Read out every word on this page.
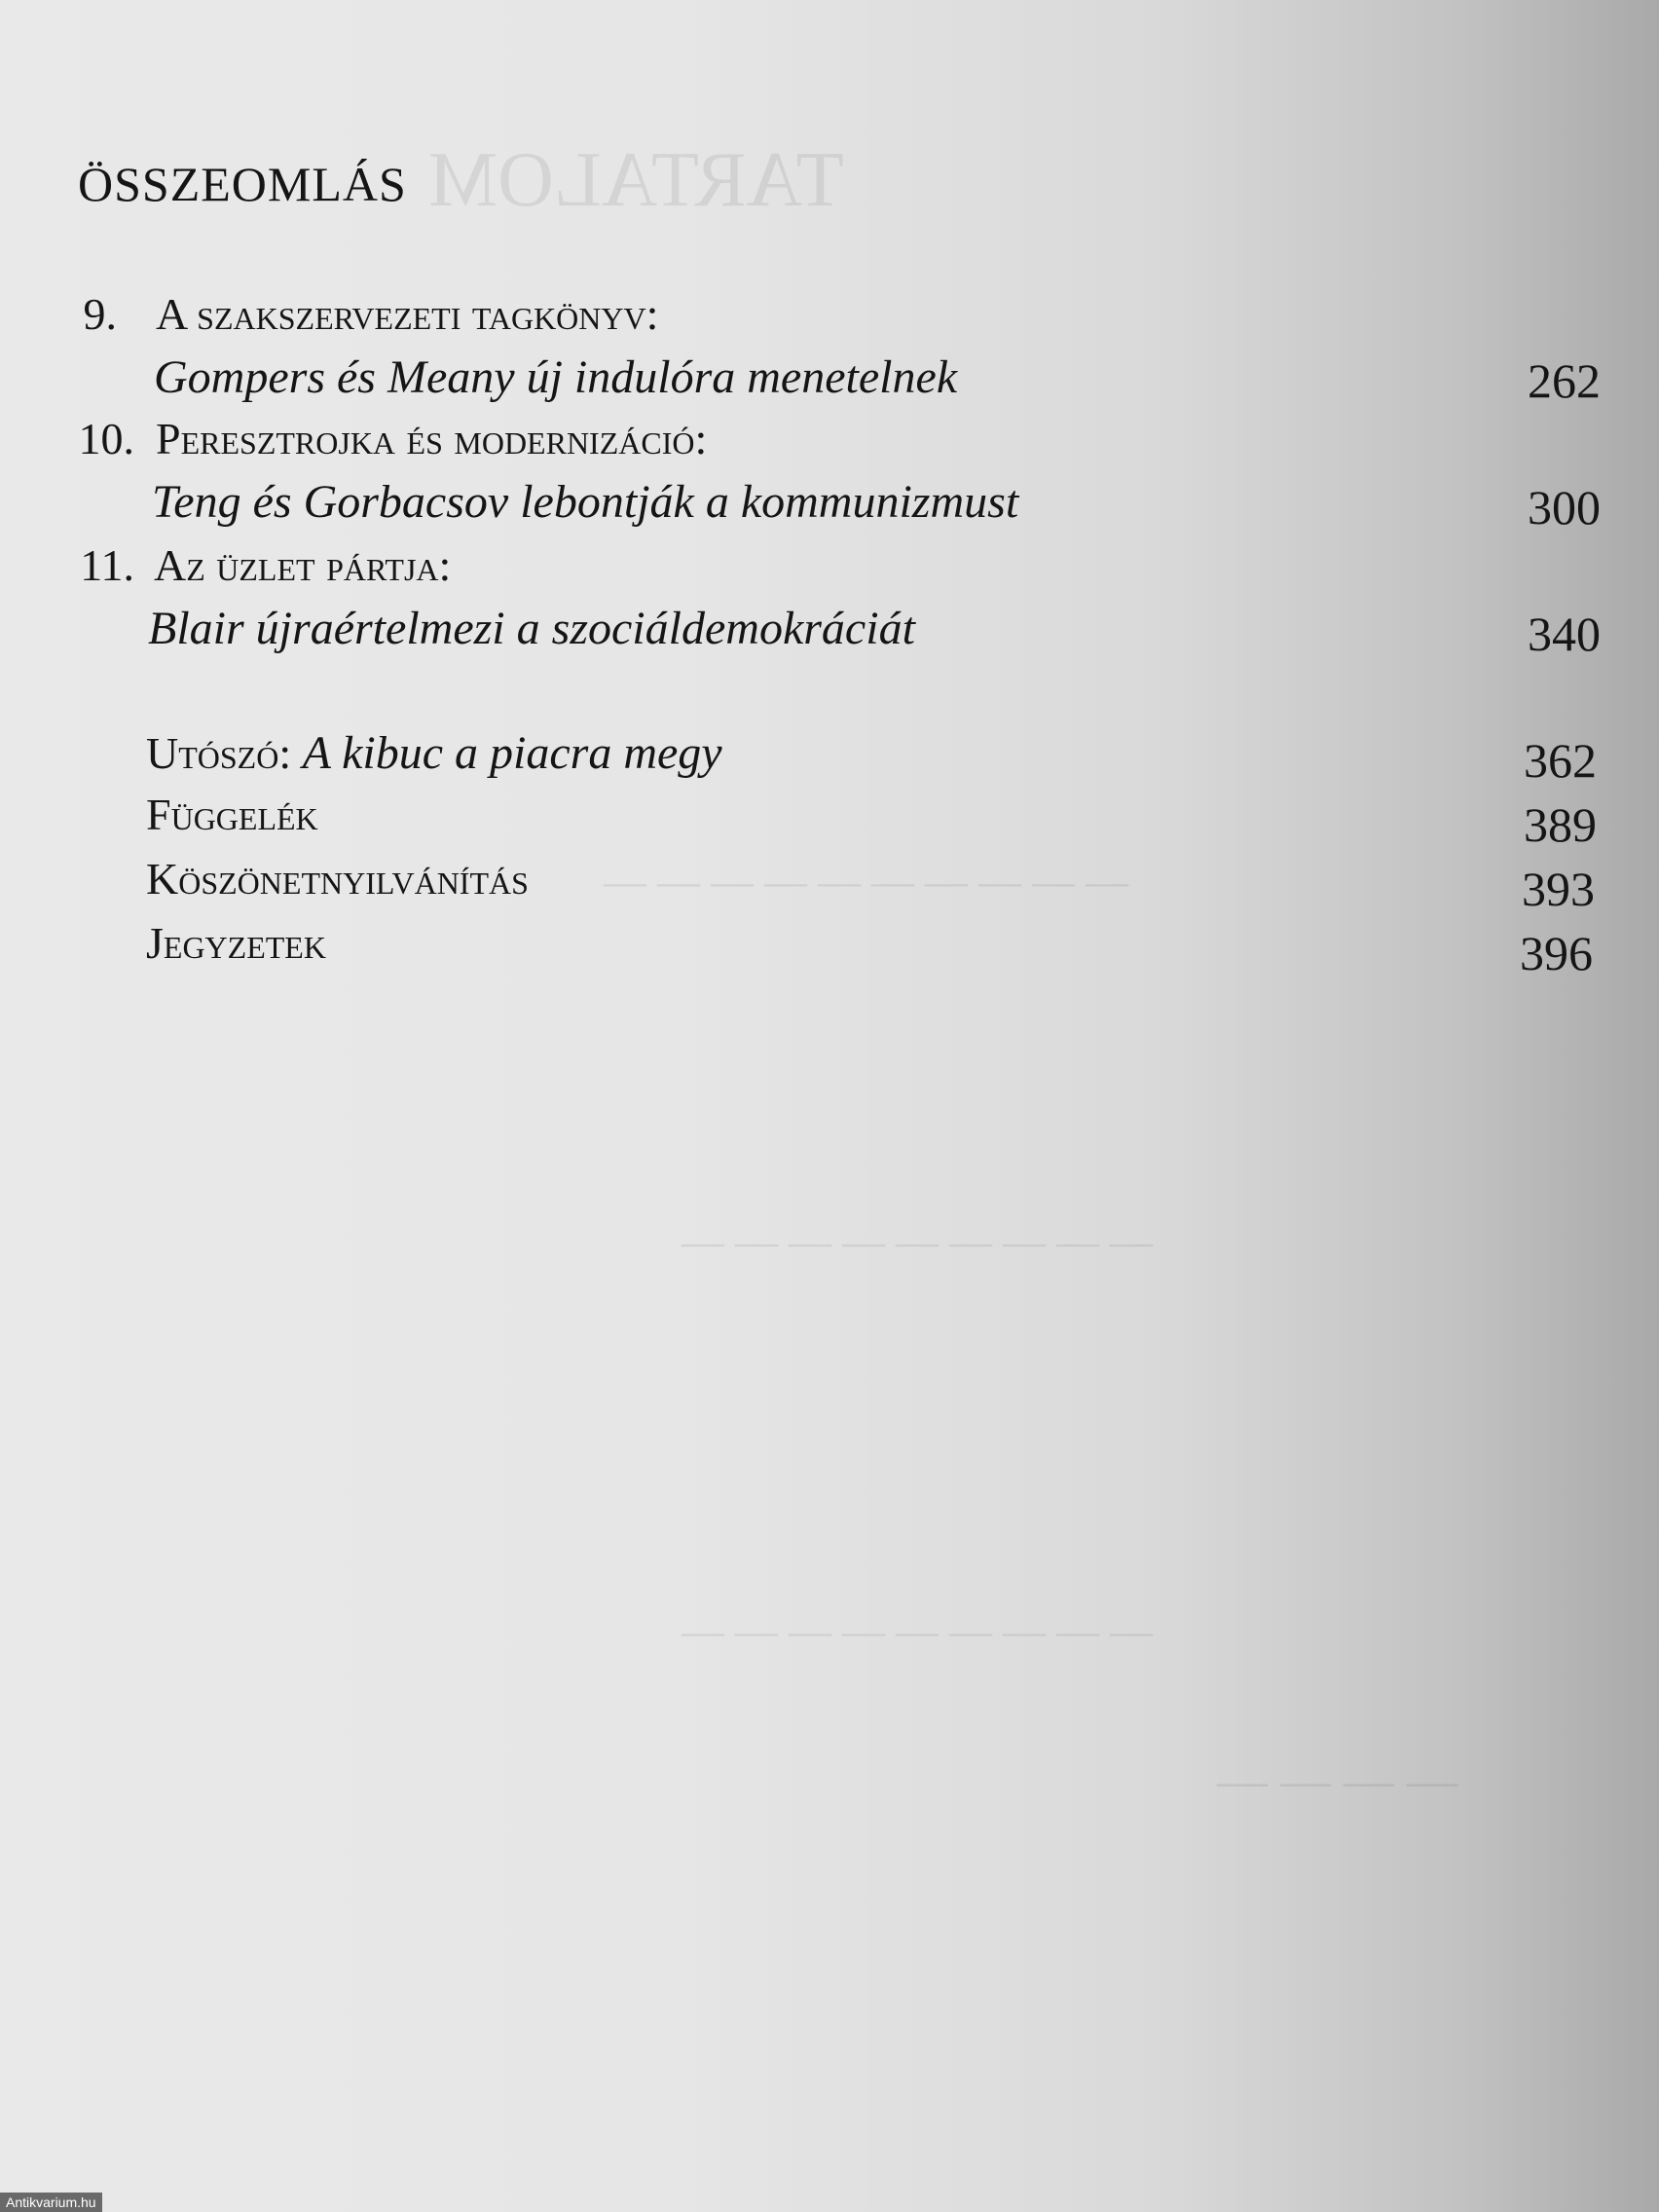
TARTALOM
— — — — — — — — — —
— — — — — — — — —
— — — — — — — — —
— — — —
ÖSSZEOMLÁS
9. A szakszervezeti tagkönyv:
Gompers és Meany új indulóra menetelnek	262
10. Peresztrojka és modernizáció:
Teng és Gorbacsov lebontják a kommunizmust	300
11. Az üzlet pártja:
Blair újraértelmezi a szociáldemokráciát	340
Utószó: A kibuc a piacra megy	362
Függelék	389
Köszönetnyilvánítás	393
Jegyzetek	396
Antikvarium.hu
